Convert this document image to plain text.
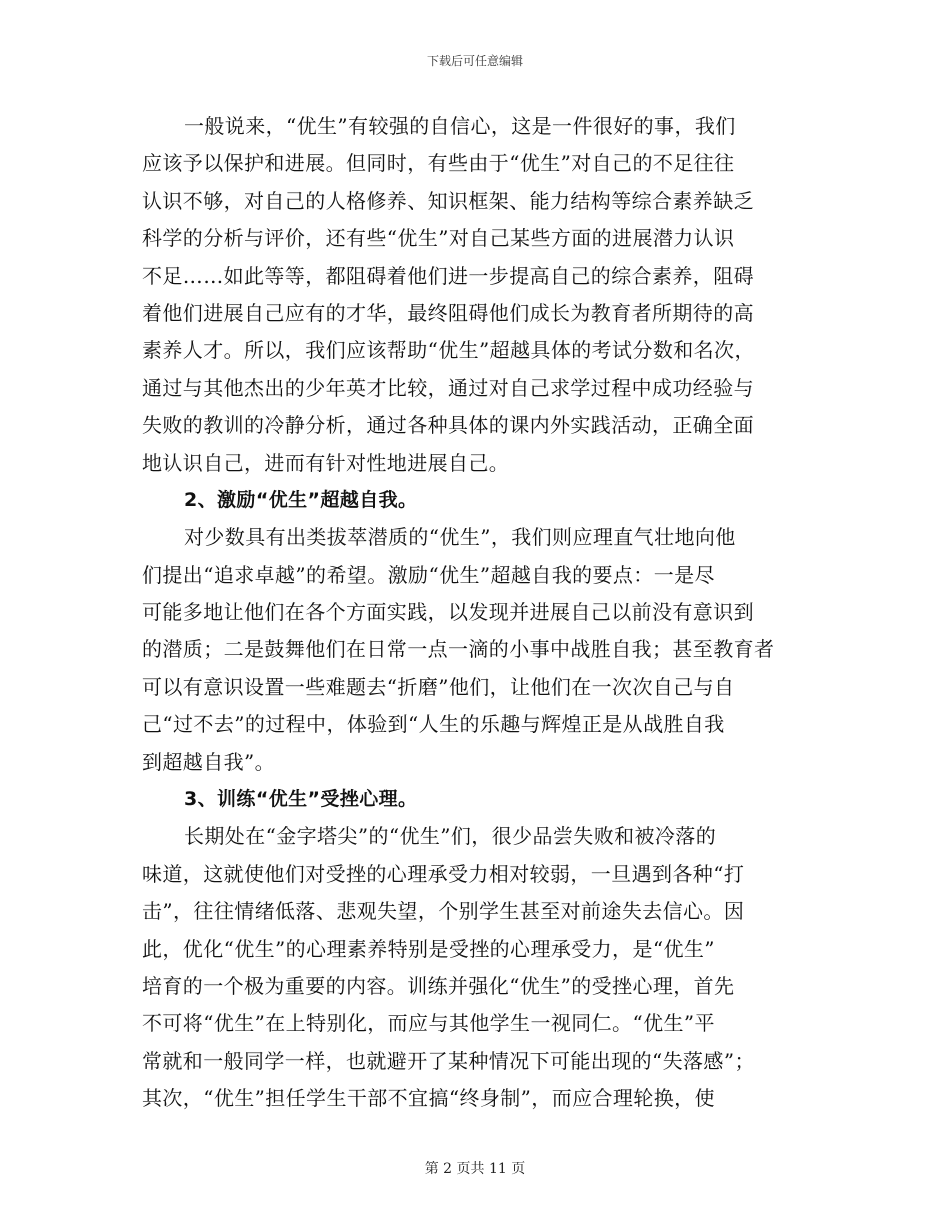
下载后可任意编辑
一般说来，“优生”有较强的自信心，这是一件很好的事，我们
应该予以保护和进展。但同时，有些由于“优生”对自己的不足往往
认识不够，对自己的人格修养、知识框架、能力结构等综合素养缺乏
科学的分析与评价，还有些“优生”对自己某些方面的进展潜力认识
不足……如此等等，都阻碍着他们进一步提高自己的综合素养，阻碍
着他们进展自己应有的才华，最终阻碍他们成长为教育者所期待的高
素养人才。所以，我们应该帮助“优生”超越具体的考试分数和名次，
通过与其他杰出的少年英才比较，通过对自己求学过程中成功经验与
失败的教训的冷静分析，通过各种具体的课内外实践活动，正确全面
地认识自己，进而有针对性地进展自己。
2、激励“优生”超越自我。
对少数具有出类拔萃潜质的“优生”，我们则应理直气壮地向他
们提出“追求卓越”的希望。激励“优生”超越自我的要点：一是尽
可能多地让他们在各个方面实践，以发现并进展自己以前没有意识到
的潜质；二是鼓舞他们在日常一点一滴的小事中战胜自我；甚至教育者
可以有意识设置一些难题去“折磨”他们，让他们在一次次自己与自
己“过不去”的过程中，体验到“人生的乐趣与辉煌正是从战胜自我
到超越自我”。
3、训练“优生”受挫心理。
长期处在“金字塔尖”的“优生”们，很少品尝失败和被冷落的
味道，这就使他们对受挫的心理承受力相对较弱，一旦遇到各种“打
击”，往往情绪低落、悲观失望，个别学生甚至对前途失去信心。因
此，优化“优生”的心理素养特别是受挫的心理承受力，是“优生”
培育的一个极为重要的内容。训练并强化“优生”的受挫心理，首先
不可将“优生”在上特别化，而应与其他学生一视同仁。“优生”平
常就和一般同学一样，也就避开了某种情况下可能出现的“失落感”；
其次，“优生”担任学生干部不宜搞“终身制”，而应合理轮换，使
第 2 页共 11 页
